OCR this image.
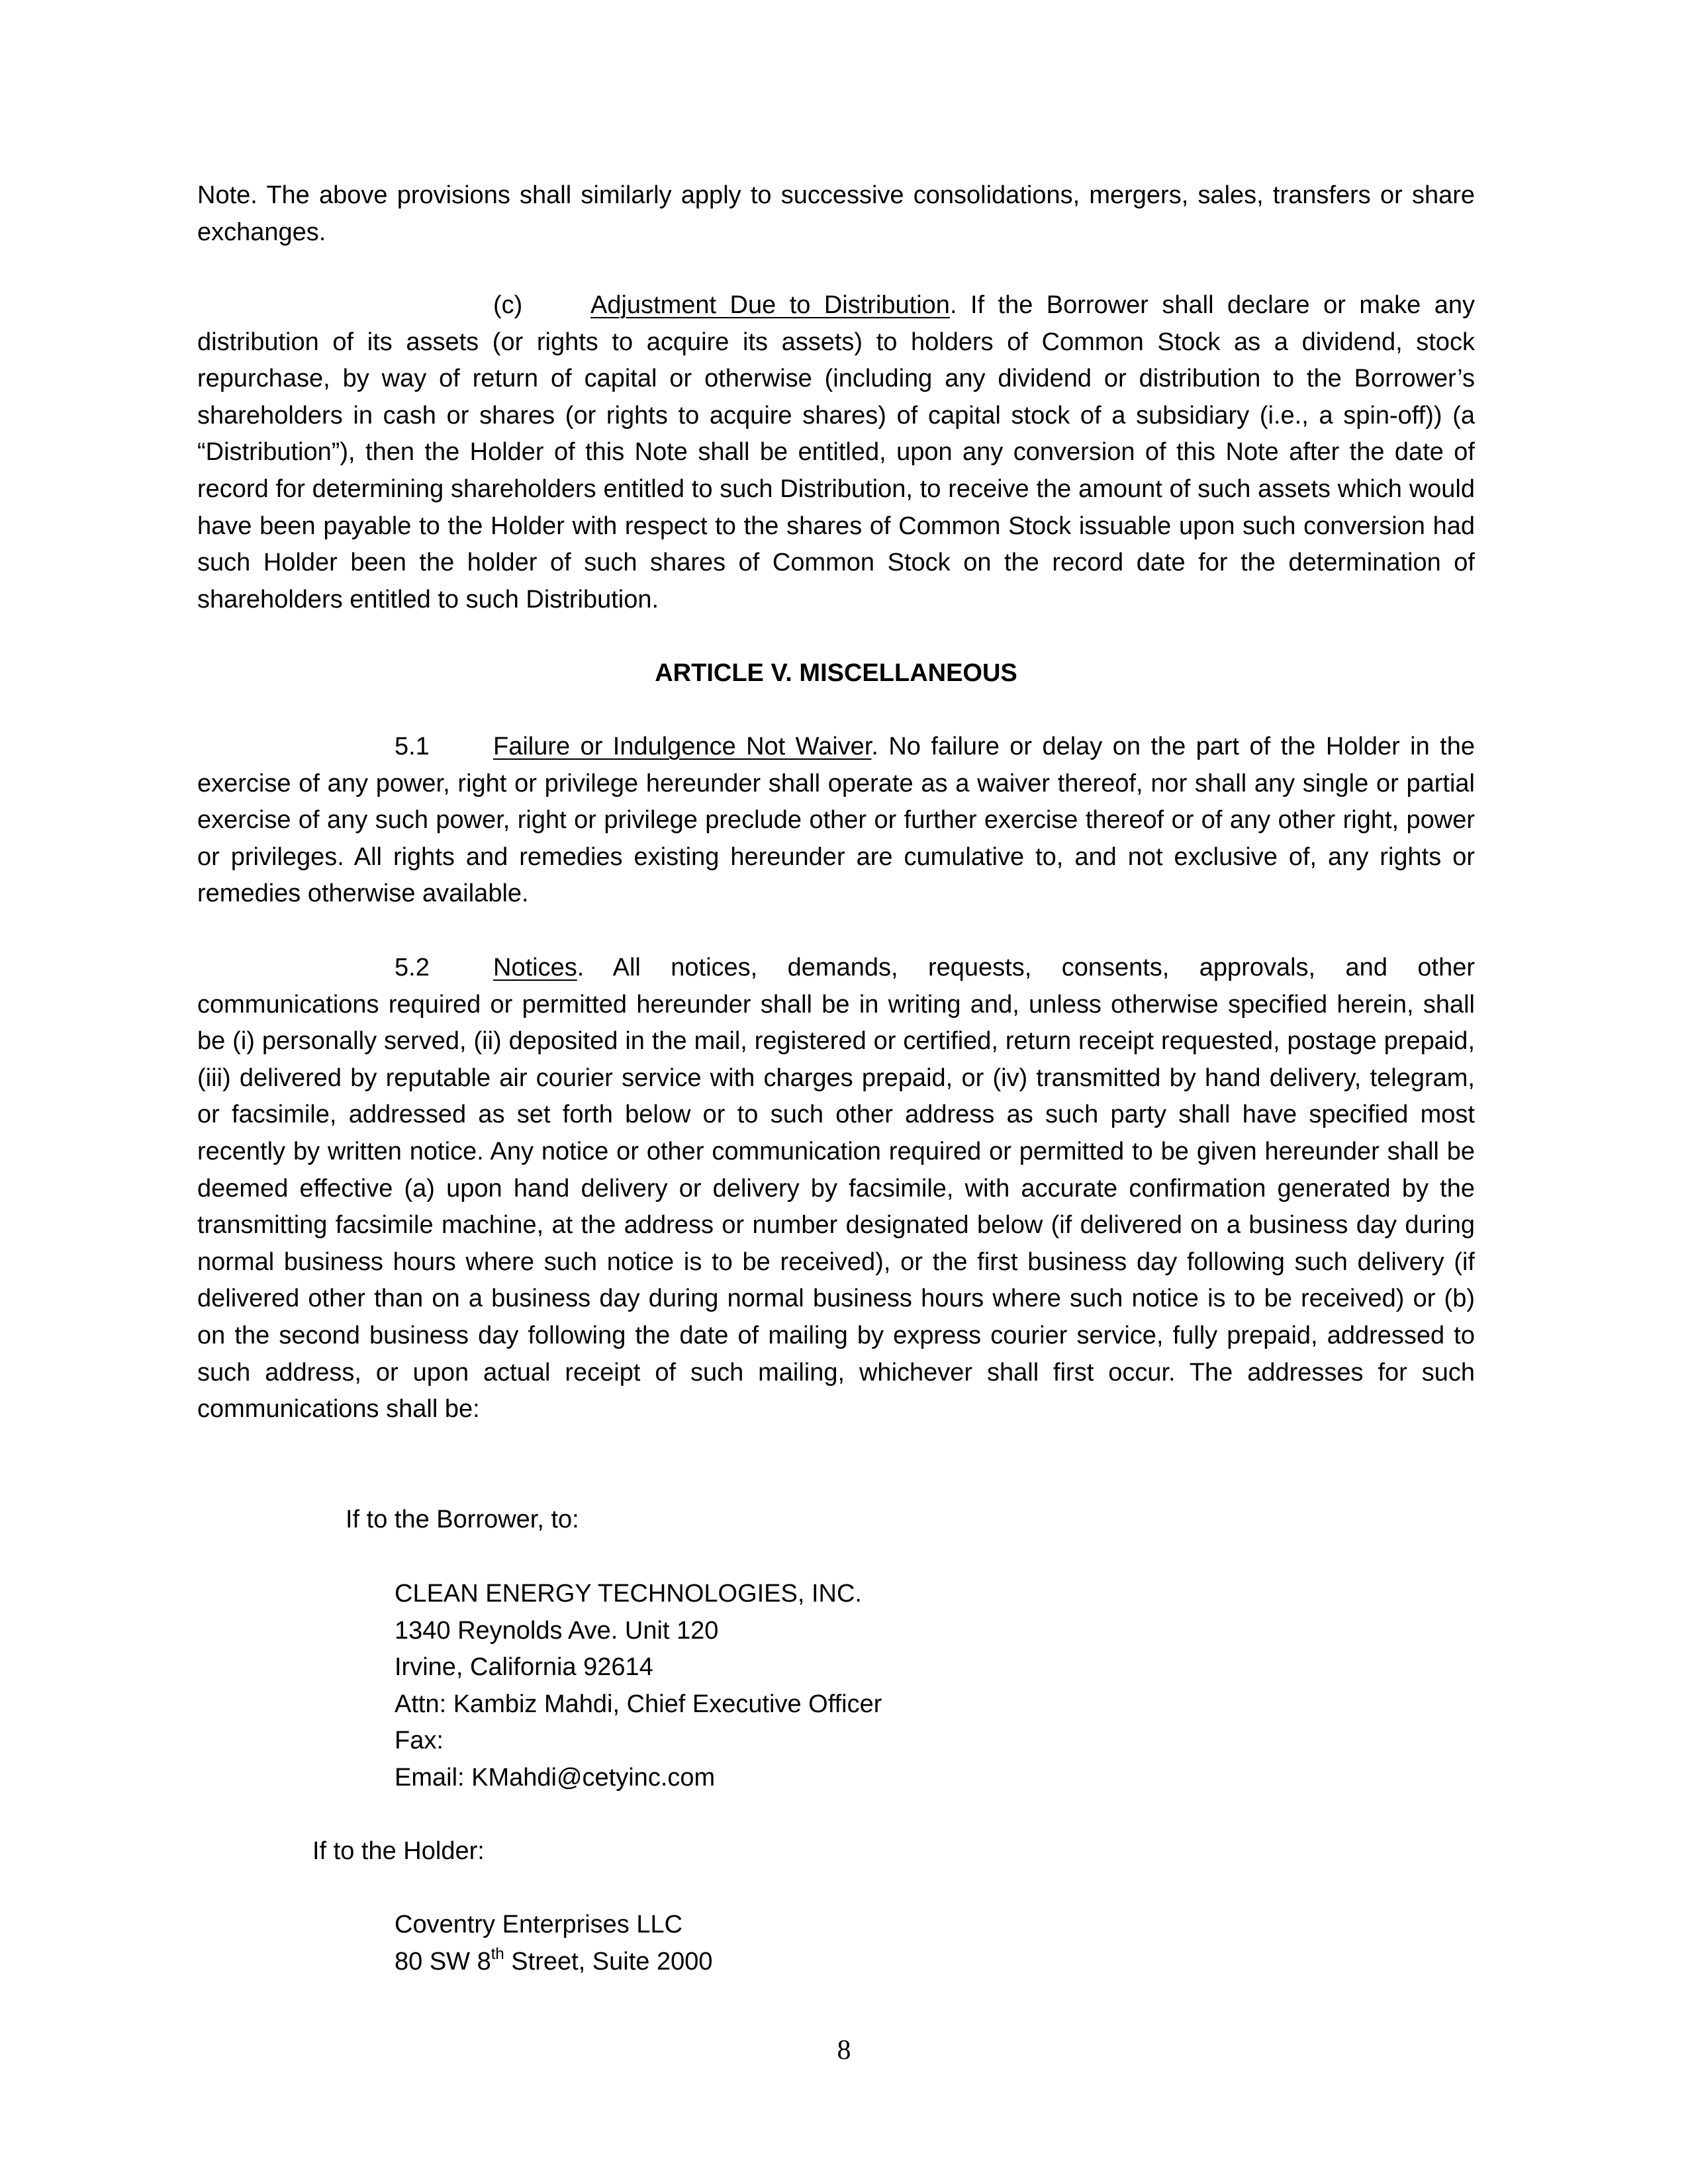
Note. The above provisions shall similarly apply to successive consolidations, mergers, sales, transfers or share exchanges.

(c)	Adjustment Due to Distribution. If the Borrower shall declare or make any distribution of its assets (or rights to acquire its assets) to holders of Common Stock as a dividend, stock repurchase, by way of return of capital or otherwise (including any dividend or distribution to the Borrower’s shareholders in cash or shares (or rights to acquire shares) of capital stock of a subsidiary (i.e., a spin-off)) (a “Distribution”), then the Holder of this Note shall be entitled, upon any conversion of this Note after the date of record for determining shareholders entitled to such Distribution, to receive the amount of such assets which would have been payable to the Holder with respect to the shares of Common Stock issuable upon such conversion had such Holder been the holder of such shares of Common Stock on the record date for the determination of shareholders entitled to such Distribution.

ARTICLE V. MISCELLANEOUS

5.1	Failure or Indulgence Not Waiver. No failure or delay on the part of the Holder in the exercise of any power, right or privilege hereunder shall operate as a waiver thereof, nor shall any single or partial exercise of any such power, right or privilege preclude other or further exercise thereof or of any other right, power or privileges. All rights and remedies existing hereunder are cumulative to, and not exclusive of, any rights or remedies otherwise available.

5.2	Notices. All notices, demands, requests, consents, approvals, and other communications required or permitted hereunder shall be in writing and, unless otherwise specified herein, shall be (i) personally served, (ii) deposited in the mail, registered or certified, return receipt requested, postage prepaid, (iii) delivered by reputable air courier service with charges prepaid, or (iv) transmitted by hand delivery, telegram, or facsimile, addressed as set forth below or to such other address as such party shall have specified most recently by written notice. Any notice or other communication required or permitted to be given hereunder shall be deemed effective (a) upon hand delivery or delivery by facsimile, with accurate confirmation generated by the transmitting facsimile machine, at the address or number designated below (if delivered on a business day during normal business hours where such notice is to be received), or the first business day following such delivery (if delivered other than on a business day during normal business hours where such notice is to be received) or (b) on the second business day following the date of mailing by express courier service, fully prepaid, addressed to such address, or upon actual receipt of such mailing, whichever shall first occur. The addresses for such communications shall be:

If to the Borrower, to:
CLEAN ENERGY TECHNOLOGIES, INC.
1340 Reynolds Ave. Unit 120
Irvine, California 92614
Attn: Kambiz Mahdi, Chief Executive Officer
Fax:
Email: KMahdi@cetyinc.com
If to the Holder:
Coventry Enterprises LLC
80 SW 8th Street, Suite 2000
8
